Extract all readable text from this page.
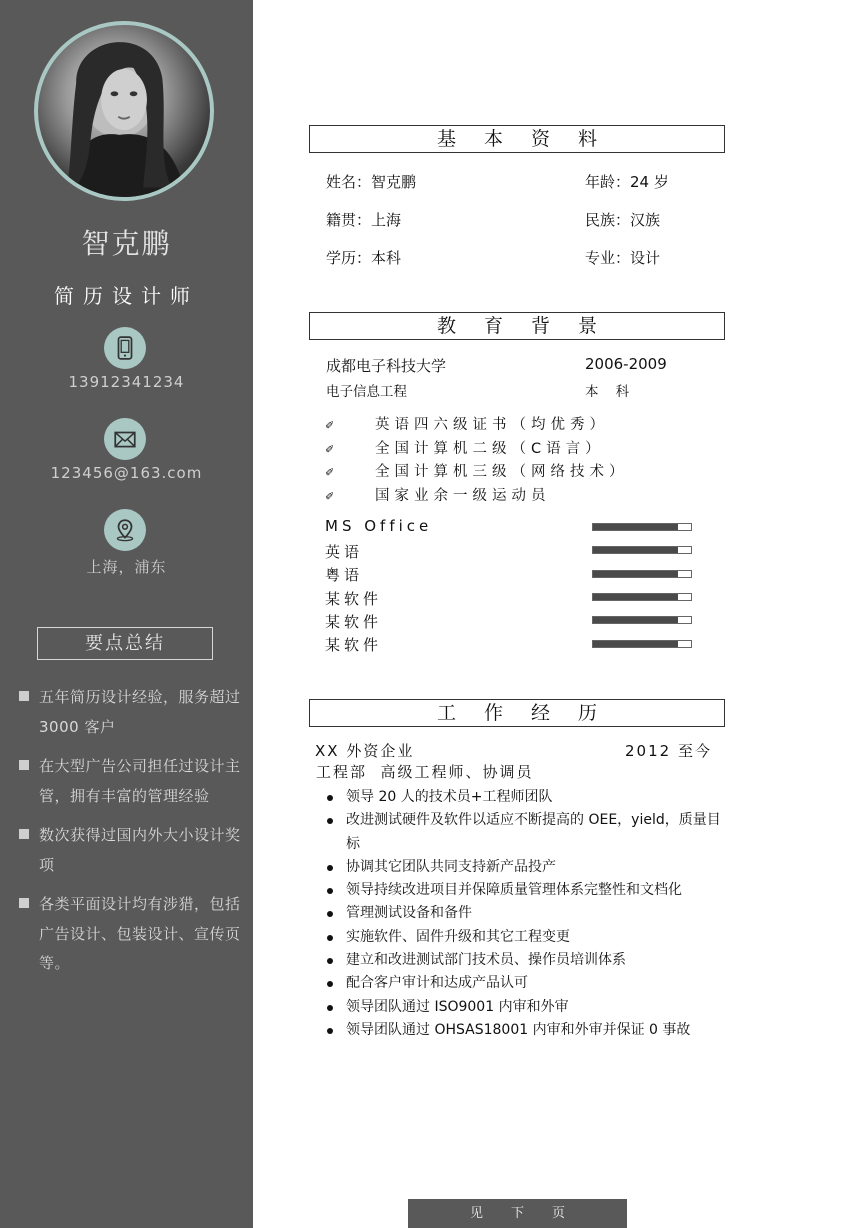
智克鹏
简历设计师
13912341234
123456@163.com
上海，浦东
要点总结
五年简历设计经验，服务超过 3000 客户
在大型广告公司担任过设计主管，拥有丰富的管理经验
数次获得过国内外大小设计奖项
各类平面设计均有涉猎，包括广告设计、包装设计、宣传页等。
基本资料
姓名：智克鹏	年龄：24 岁
籍贯：上海	民族：汉族
学历：本科	专业：设计
教育背景
成都电子科技大学	2006-2009
电子信息工程	本    科
✐	英语四六级证书（均优秀）
✐	全国计算机二级（C语言）
✐	全国计算机三级（网络技术）
✐	国家业余一级运动员
MS Office
英语
粤语
某软件
某软件
某软件
工作经历
XX 外资企业	2012 至今
工程部  高级工程师、协调员
领导 20 人的技术员+工程师团队
改进测试硬件及软件以适应不断提高的 OEE，yield，质量目标
协调其它团队共同支持新产品投产
领导持续改进项目并保障质量管理体系完整性和文档化
管理测试设备和备件
实施软件、固件升级和其它工程变更
建立和改进测试部门技术员、操作员培训体系
配合客户审计和达成产品认可
领导团队通过 ISO9001 内审和外审
领导团队通过 OHSAS18001 内审和外审并保证 0 事故
见下页
